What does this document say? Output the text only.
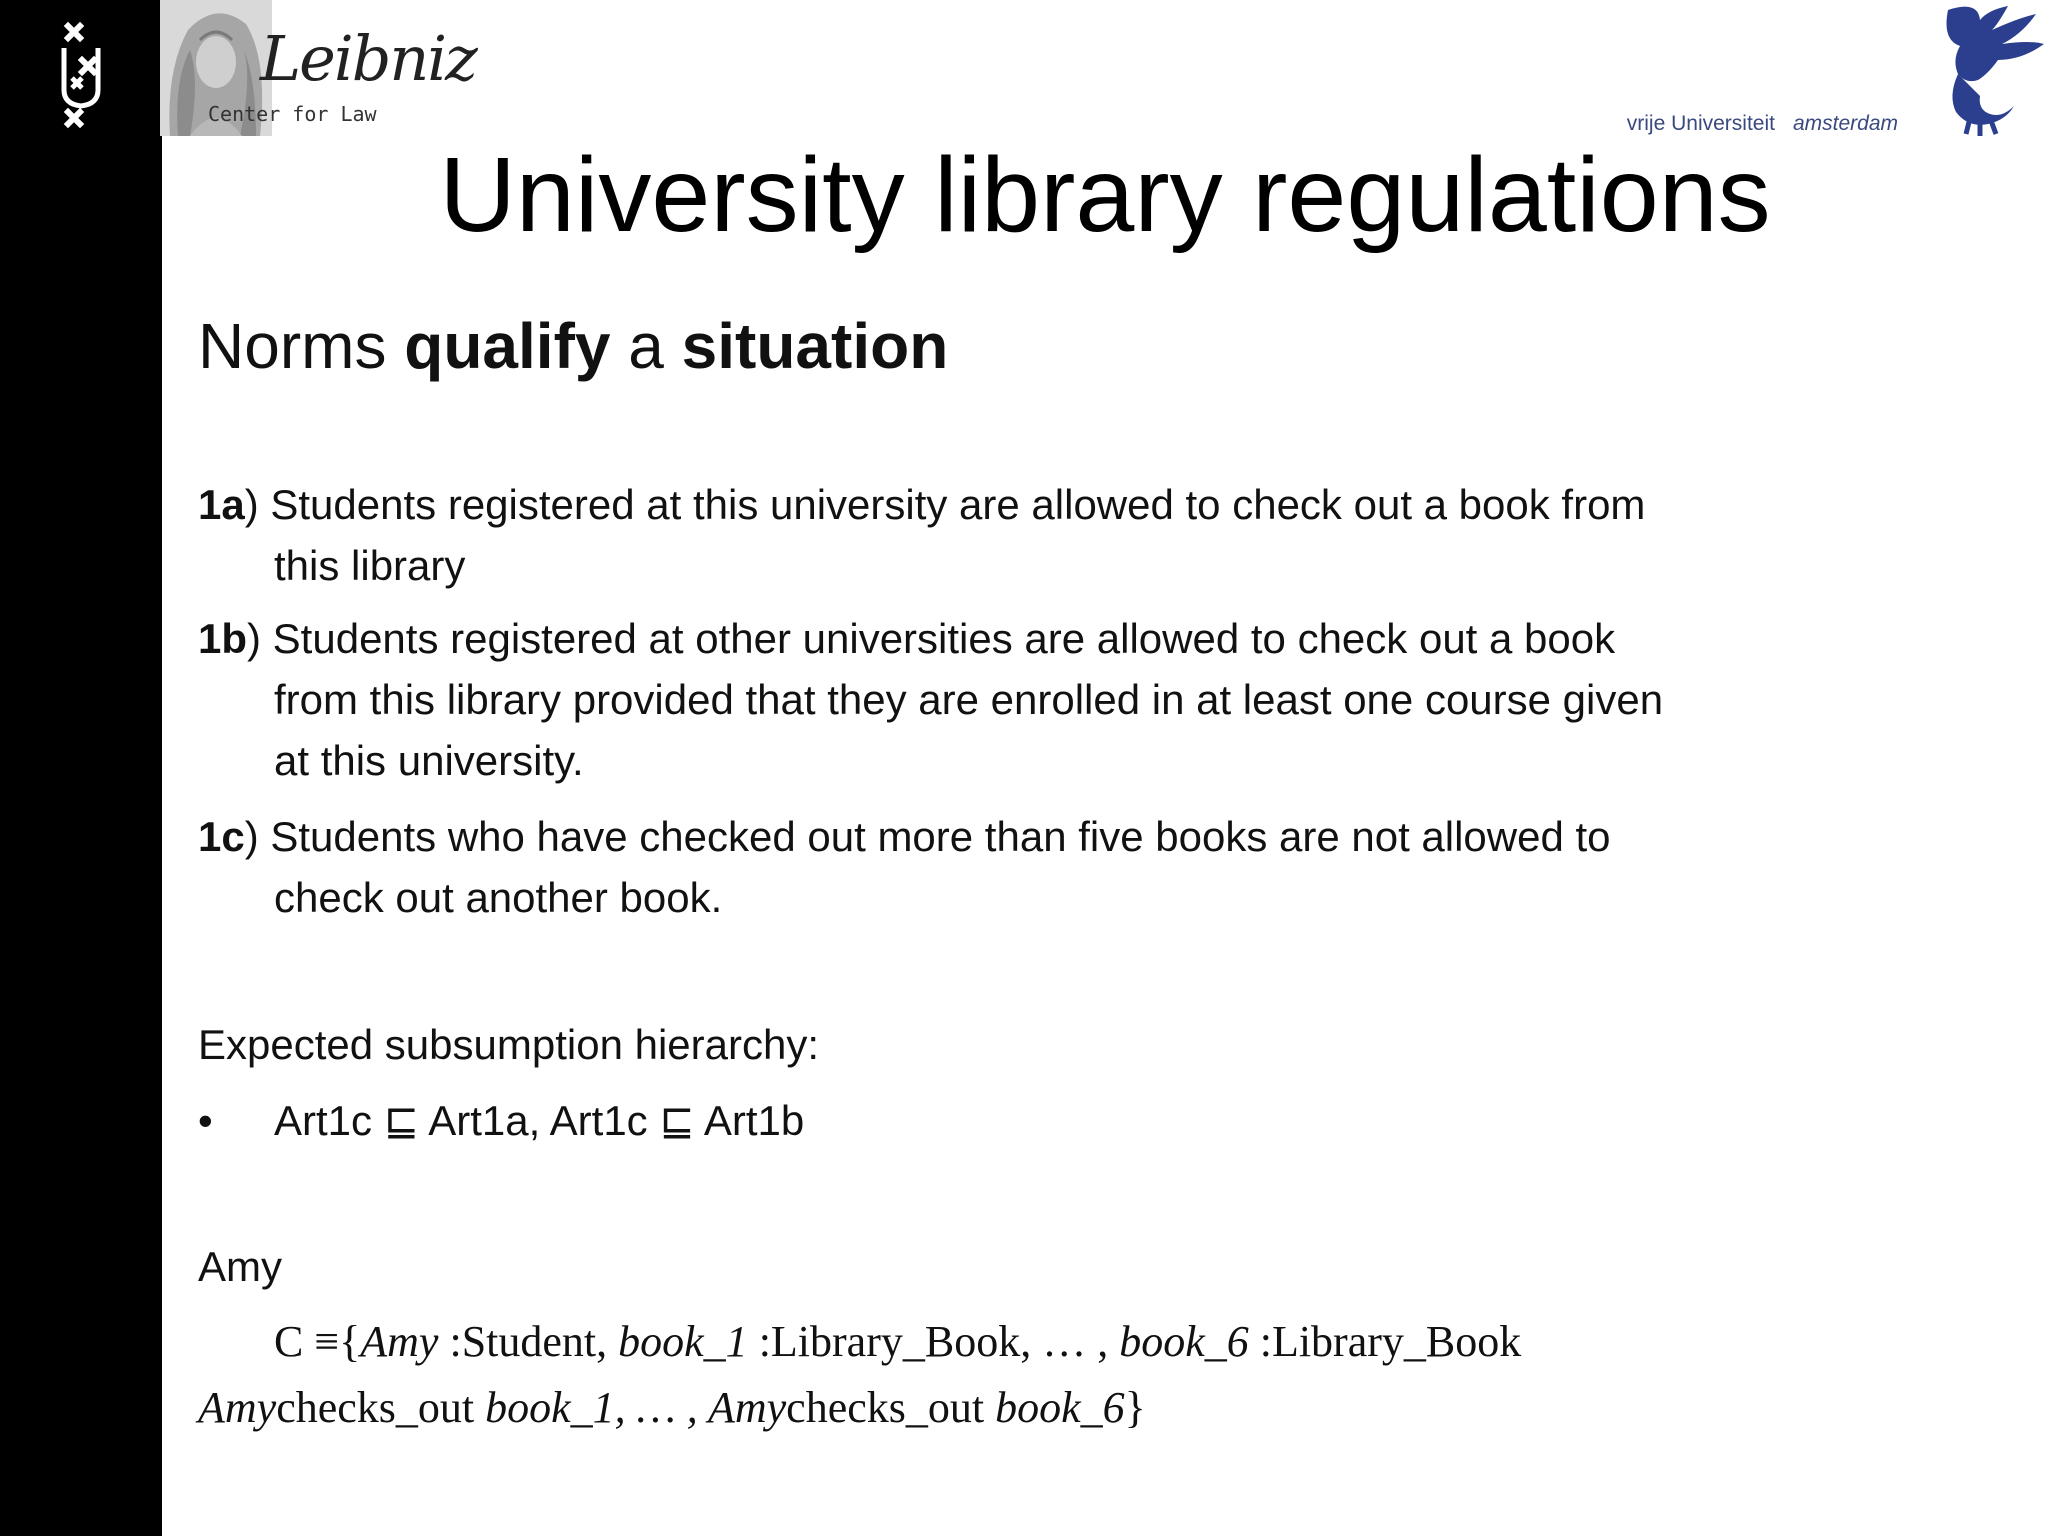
Leibniz
Center for Law	vrije Universiteit amsterdam
University library regulations
Norms qualify a situation
1a) Students registered at this university are allowed to check out a book from
this library
1b) Students registered at other universities are allowed to check out a book
from this library provided that they are enrolled in at least one course given
at this university.
1c) Students who have checked out more than five books are not allowed to
check out another book.
Expected subsumption hierarchy:
• Art1c ⊑ Art1a, Art1c ⊑ Art1b
Amy
C ≡{Amy :Student, book_1 :Library_Book, … , book_6 :Library_Book
Amychecks_out book_1, … , Amychecks_out book_6}
